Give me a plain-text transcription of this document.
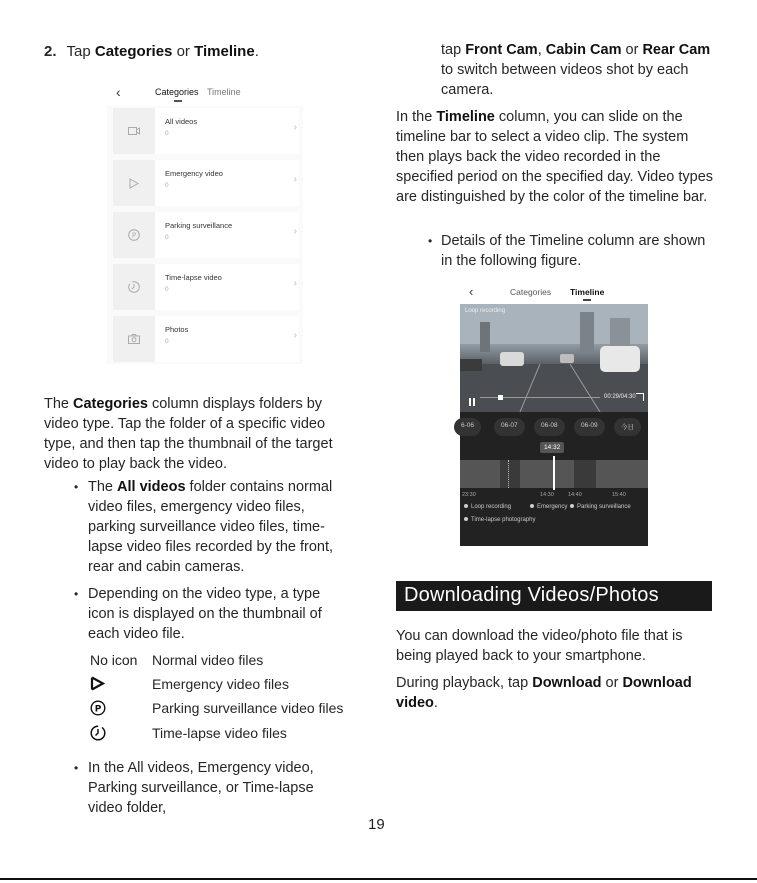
2. Tap Categories or Timeline.
‹	Categories Timeline
All videos
0
›
Emergency video
0
›
P
Parking surveillance
0
›
Time-lapse video
0
›
Photos
0
›

The Categories column displays folders by video type. Tap the folder of a specific video type, and then tap the thumbnail of the target video to play back the video.

• The All videos folder contains normal video files, emergency video files, parking surveillance video files, time-lapse video files recorded by the front, rear and cabin cameras.

• Depending on the video type, a type icon is displayed on the thumbnail of each video file.

No icon Normal video files
Emergency video files
P	Parking surveillance video files
Time-lapse video files
• In the All videos, Emergency video, Parking surveillance, or Time-lapse video folder,

tap Front Cam, Cabin Cam or Rear Cam to switch between videos shot by each camera.

In the Timeline column, you can slide on the timeline bar to select a video clip. The system then plays back the video recorded in the specified period on the specified day. Video types are distinguished by the color of the timeline bar.

• Details of the Timeline column are shown in the following figure.

‹	Categories Timeline
Loop recording
00:29/04:30
6-06	06-07	06-08	06-09	今日
14:32
23:30	14:30	14:40	15:40
Loop recording	Emergency	Parking surveillance
Time-lapse photography
Downloading Videos/Photos

You can download the video/photo file that is being played back to your smartphone.

During playback, tap Download or Download video.

19
